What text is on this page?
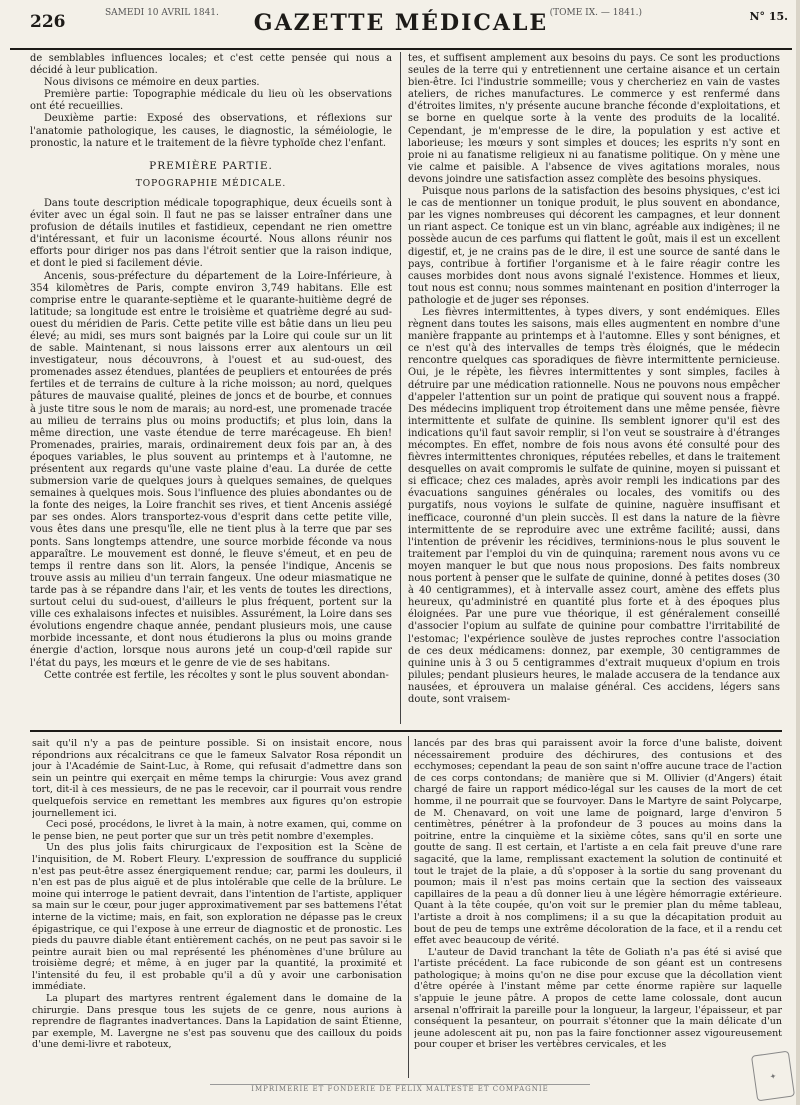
226	SAMEDI 10 AVRIL 1841.	GAZETTE MÉDICALE (TOME IX. — 1841.)	N° 15.

de semblables influences locales; et c'est cette pensée qui nous a décidé à leur publication.

Nous divisons ce mémoire en deux parties.

Première partie: Topographie médicale du lieu où les observations ont été recueillies.

Deuxième partie: Exposé des observations, et réflexions sur l'anatomie pathologique, les causes, le diagnostic, la séméiologie, le pronostic, la nature et le traitement de la fièvre typhoïde chez l'enfant.

PREMIÈRE PARTIE.

TOPOGRAPHIE MÉDICALE.

Dans toute description médicale topographique, deux écueils sont à éviter avec un égal soin. Il faut ne pas se laisser entraîner dans une profusion de détails inutiles et fastidieux, cependant ne rien omettre d'intéressant, et fuir un laconisme écourté. Nous allons réunir nos efforts pour diriger nos pas dans l'étroit sentier que la raison indique, et dont le pied si facilement dévie.

Ancenis, sous-préfecture du département de la Loire-Inférieure, à 354 kilomètres de Paris, compte environ 3,749 habitans. Elle est comprise entre le quarante-septième et le quarante-huitième degré de latitude; sa longitude est entre le troisième et quatrième degré au sud-ouest du méridien de Paris. Cette petite ville est bâtie dans un lieu peu élevé; au midi, ses murs sont baignés par la Loire qui coule sur un lit de sable. Maintenant, si nous laissons errer aux alentours un œil investigateur, nous découvrons, à l'ouest et au sud-ouest, des promenades assez étendues, plantées de peupliers et entourées de prés fertiles et de terrains de culture à la riche moisson; au nord, quelques pâtures de mauvaise qualité, pleines de joncs et de bourbe, et connues à juste titre sous le nom de marais; au nord-est, une promenade tracée au milieu de terrains plus ou moins productifs; et plus loin, dans la même direction, une vaste étendue de terre marécageuse. Eh bien! Promenades, prairies, marais, ordinairement deux fois par an, à des époques variables, le plus souvent au printemps et à l'automne, ne présentent aux regards qu'une vaste plaine d'eau. La durée de cette submersion varie de quelques jours à quelques semaines, de quelques semaines à quelques mois. Sous l'influence des pluies abondantes ou de la fonte des neiges, la Loire franchit ses rives, et tient Ancenis assiégé par ses ondes. Alors transportez-vous d'esprit dans cette petite ville, vous êtes dans une presqu'île, elle ne tient plus à la terre que par ses ponts. Sans longtemps attendre, une source morbide féconde va nous apparaître. Le mouvement est donné, le fleuve s'émeut, et en peu de temps il rentre dans son lit. Alors, la pensée l'indique, Ancenis se trouve assis au milieu d'un terrain fangeux. Une odeur miasmatique ne tarde pas à se répandre dans l'air, et les vents de toutes les directions, surtout celui du sud-ouest, d'ailleurs le plus fréquent, portent sur la ville ces exhalaisons infectes et nuisibles. Assurément, la Loire dans ses évolutions engendre chaque année, pendant plusieurs mois, une cause morbide incessante, et dont nous étudierons la plus ou moins grande énergie d'action, lorsque nous aurons jeté un coup-d'œil rapide sur l'état du pays, les mœurs et le genre de vie de ses habitans.

Cette contrée est fertile, les récoltes y sont le plus souvent abondan-

tes, et suffisent amplement aux besoins du pays. Ce sont les productions seules de la terre qui y entretiennent une certaine aisance et un certain bien-être. Ici l'industrie sommeille; vous y chercheriez en vain de vastes ateliers, de riches manufactures. Le commerce y est renfermé dans d'étroites limites, n'y présente aucune branche féconde d'exploitations, et se borne en quelque sorte à la vente des produits de la localité. Cependant, je m'empresse de le dire, la population y est active et laborieuse; les mœurs y sont simples et douces; les esprits n'y sont en proie ni au fanatisme religieux ni au fanatisme politique. On y mène une vie calme et paisible. A l'absence de vives agitations morales, nous devons joindre une satisfaction assez complète des besoins physiques.

Puisque nous parlons de la satisfaction des besoins physiques, c'est ici le cas de mentionner un tonique produit, le plus souvent en abondance, par les vignes nombreuses qui décorent les campagnes, et leur donnent un riant aspect. Ce tonique est un vin blanc, agréable aux indigènes; il ne possède aucun de ces parfums qui flattent le goût, mais il est un excellent digestif, et, je ne crains pas de le dire, il est une source de santé dans le pays, contribue à fortifier l'organisme et à le faire réagir contre les causes morbides dont nous avons signalé l'existence. Hommes et lieux, tout nous est connu; nous sommes maintenant en position d'interroger la pathologie et de juger ses réponses.

Les fièvres intermittentes, à types divers, y sont endémiques. Elles règnent dans toutes les saisons, mais elles augmentent en nombre d'une manière frappante au printemps et à l'automne. Elles y sont bénignes, et ce n'est qu'à des intervalles de temps très éloignés, que le médecin rencontre quelques cas sporadiques de fièvre intermittente pernicieuse. Oui, je le répète, les fièvres intermittentes y sont simples, faciles à détruire par une médication rationnelle. Nous ne pouvons nous empêcher d'appeler l'attention sur un point de pratique qui souvent nous a frappé. Des médecins impliquent trop étroitement dans une même pensée, fièvre intermittente et sulfate de quinine. Ils semblent ignorer qu'il est des indications qu'il faut savoir remplir, si l'on veut se soustraire à d'étranges mécomptes. En effet, nombre de fois nous avons été consulté pour des fièvres intermittentes chroniques, réputées rebelles, et dans le traitement desquelles on avait compromis le sulfate de quinine, moyen si puissant et si efficace; chez ces malades, après avoir rempli les indications par des évacuations sanguines générales ou locales, des vomitifs ou des purgatifs, nous voyions le sulfate de quinine, naguère insuffisant et inefficace, couronné d'un plein succès. Il est dans la nature de la fièvre intermittente de se reproduire avec une extrême facilité; aussi, dans l'intention de prévenir les récidives, terminions-nous le plus souvent le traitement par l'emploi du vin de quinquina; rarement nous avons vu ce moyen manquer le but que nous nous proposions. Des faits nombreux nous portent à penser que le sulfate de quinine, donné à petites doses (30 à 40 centigrammes), et à intervalle assez court, amène des effets plus heureux, qu'administré en quantité plus forte et à des époques plus éloignées. Par une pure vue théorique, il est généralement conseillé d'associer l'opium au sulfate de quinine pour combattre l'irritabilité de l'estomac; l'expérience soulève de justes reproches contre l'association de ces deux médicamens: donnez, par exemple, 30 centigrammes de quinine unis à 3 ou 5 centigrammes d'extrait muqueux d'opium en trois pilules; pendant plusieurs heures, le malade accusera de la tendance aux nausées, et éprouvera un malaise général. Ces accidens, légers sans doute, sont vraisem-

sait qu'il n'y a pas de peinture possible. Si on insistait encore, nous répondrions aux récalcitrans ce que le fameux Salvator Rosa répondit un jour à l'Académie de Saint-Luc, à Rome, qui refusait d'admettre dans son sein un peintre qui exerçait en même temps la chirurgie: Vous avez grand tort, dit-il à ces messieurs, de ne pas le recevoir, car il pourrait vous rendre quelquefois service en remettant les membres aux figures qu'on estropie journellement ici.

Ceci posé, procédons, le livret à la main, à notre examen, qui, comme on le pense bien, ne peut porter que sur un très petit nombre d'exemples.

Un des plus jolis faits chirurgicaux de l'exposition est la Scène de l'inquisition, de M. Robert Fleury. L'expression de souffrance du supplicié n'est pas peut-être assez énergiquement rendue; car, parmi les douleurs, il n'en est pas de plus aiguë et de plus intolérable que celle de la brûlure. Le moine qui interroge le patient devrait, dans l'intention de l'artiste, appliquer sa main sur le cœur, pour juger approximativement par ses battemens l'état interne de la victime; mais, en fait, son exploration ne dépasse pas le creux épigastrique, ce qui l'expose à une erreur de diagnostic et de pronostic. Les pieds du pauvre diable étant entièrement cachés, on ne peut pas savoir si le peintre aurait bien ou mal représenté les phénomènes d'une brûlure au troisième degré; et même, à en juger par la quantité, la proximité et l'intensité du feu, il est probable qu'il a dû y avoir une carbonisation immédiate.

La plupart des martyres rentrent également dans le domaine de la chirurgie. Dans presque tous les sujets de ce genre, nous aurions à reprendre de flagrantes inadvertances. Dans la Lapidation de saint Étienne, par exemple, M. Lavergne ne s'est pas souvenu que des cailloux du poids d'une demi-livre et raboteux,

lancés par des bras qui paraissent avoir la force d'une baliste, doivent nécessairement produire des déchirures, des contusions et des ecchymoses; cependant la peau de son saint n'offre aucune trace de l'action de ces corps contondans; de manière que si M. Ollivier (d'Angers) était chargé de faire un rapport médico-légal sur les causes de la mort de cet homme, il ne pourrait que se fourvoyer. Dans le Martyre de saint Polycarpe, de M. Chenavard, on voit une lame de poignard, large d'environ 5 centimètres, pénétrer à la profondeur de 3 pouces au moins dans la poitrine, entre la cinquième et la sixième côtes, sans qu'il en sorte une goutte de sang. Il est certain, et l'artiste a en cela fait preuve d'une rare sagacité, que la lame, remplissant exactement la solution de continuité et tout le trajet de la plaie, a dû s'opposer à la sortie du sang provenant du poumon; mais il n'est pas moins certain que la section des vaisseaux capillaires de la peau a dû donner lieu à une légère hémorragie extérieure. Quant à la tête coupée, qu'on voit sur le premier plan du même tableau, l'artiste a droit à nos complimens; il a su que la décapitation produit au bout de peu de temps une extrême décoloration de la face, et il a rendu cet effet avec beaucoup de vérité.

L'auteur de David tranchant la tête de Goliath n'a pas été si avisé que l'artiste précédent. La face rubiconde de son géant est un contresens pathologique; à moins qu'on ne dise pour excuse que la décollation vient d'être opérée à l'instant même par cette énorme rapière sur laquelle s'appuie le jeune pâtre. A propos de cette lame colossale, dont aucun arsenal n'offrirait la pareille pour la longueur, la largeur, l'épaisseur, et par conséquent la pesanteur, on pourrait s'étonner que la main délicate d'un jeune adolescent ait pu, non pas la faire fonctionner assez vigoureusement pour couper et briser les vertèbres cervicales, et les

IMPRIMERIE ET FONDERIE DE FÉLIX MALTESTE ET COMPAGNIE
✦
